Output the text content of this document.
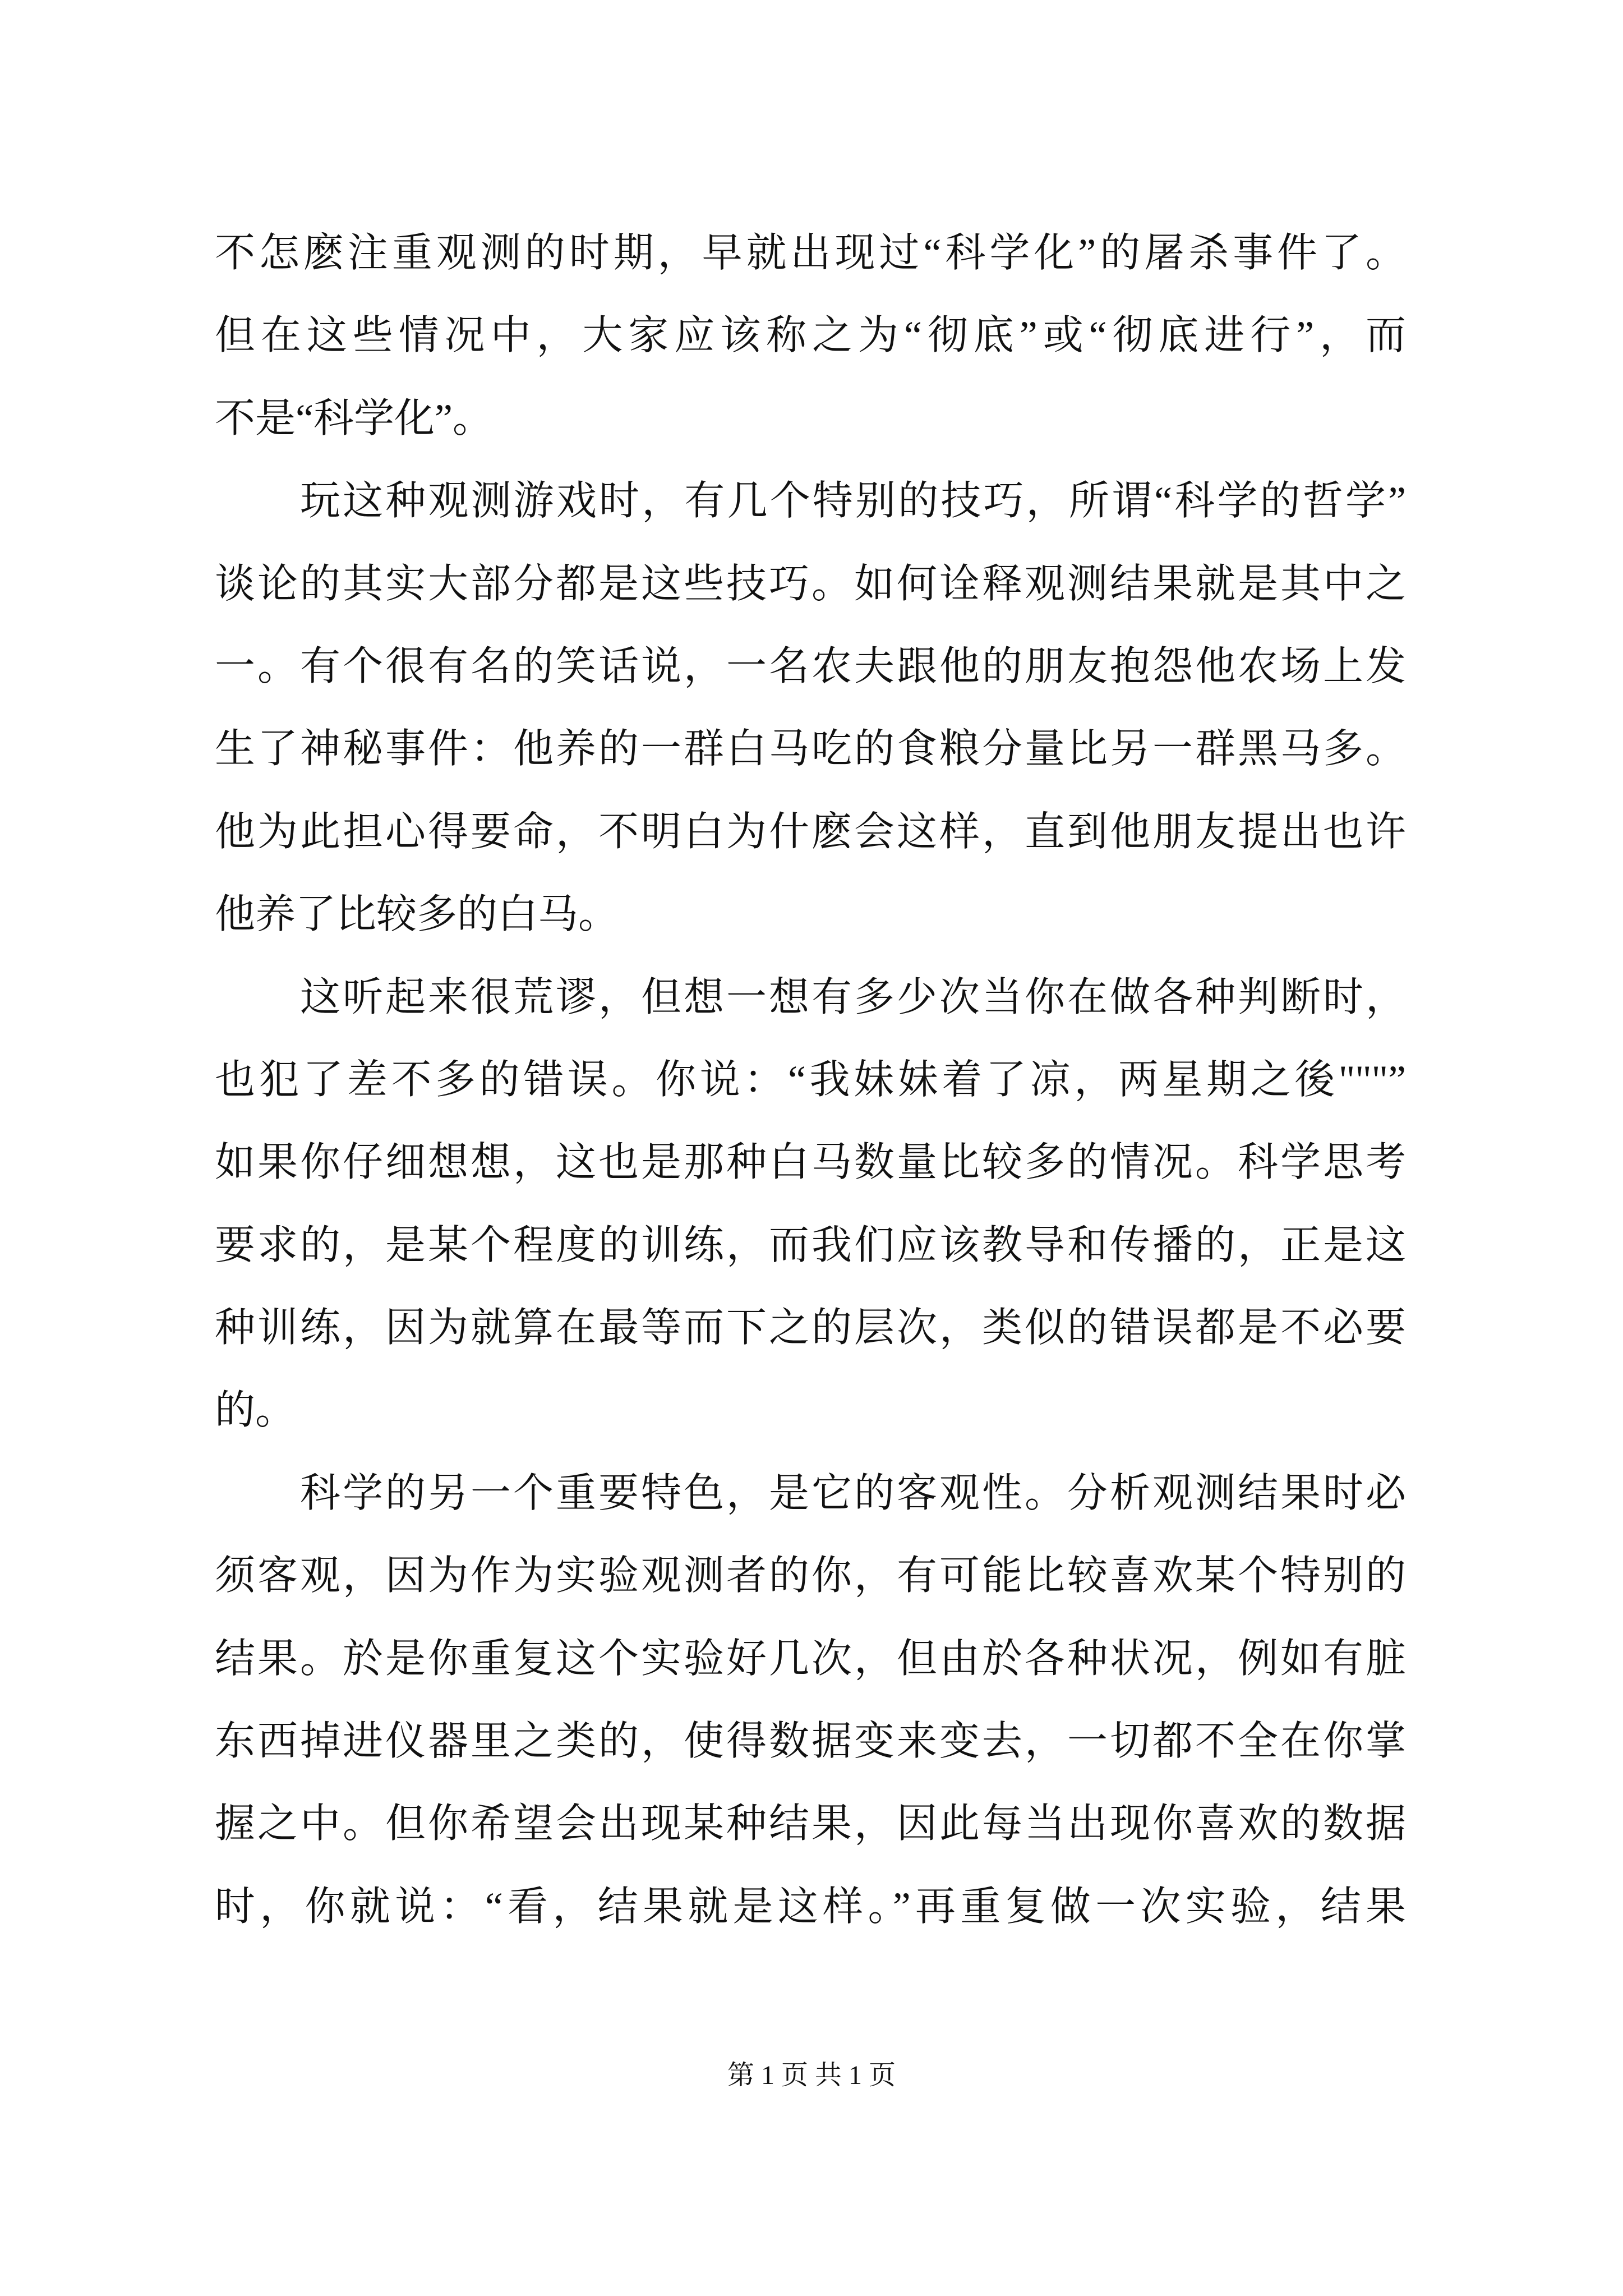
不怎麽注重观测的时期，早就出现过“科学化”的屠杀事件了。
但在这些情况中，大家应该称之为“彻底”或“彻底进行”，而
不是“科学化”。
玩这种观测游戏时，有几个特别的技巧，所谓“科学的哲学”
谈论的其实大部分都是这些技巧。如何诠释观测结果就是其中之
一。有个很有名的笑话说，一名农夫跟他的朋友抱怨他农场上发
生了神秘事件：他养的一群白马吃的食粮分量比另一群黑马多。
他为此担心得要命，不明白为什麽会这样，直到他朋友提出也许
他养了比较多的白马。
这听起来很荒谬，但想一想有多少次当你在做各种判断时，
也犯了差不多的错误。你说：“我妹妹着了凉，两星期之後"""”
如果你仔细想想，这也是那种白马数量比较多的情况。科学思考
要求的，是某个程度的训练，而我们应该教导和传播的，正是这
种训练，因为就算在最等而下之的层次，类似的错误都是不必要
的。
科学的另一个重要特色，是它的客观性。分析观测结果时必
须客观，因为作为实验观测者的你，有可能比较喜欢某个特别的
结果。於是你重复这个实验好几次，但由於各种状况，例如有脏
东西掉进仪器里之类的，使得数据变来变去，一切都不全在你掌
握之中。但你希望会出现某种结果，因此每当出现你喜欢的数据
时，你就说：“看，结果就是这样。”再重复做一次实验，结果
第 1 页 共 1 页
